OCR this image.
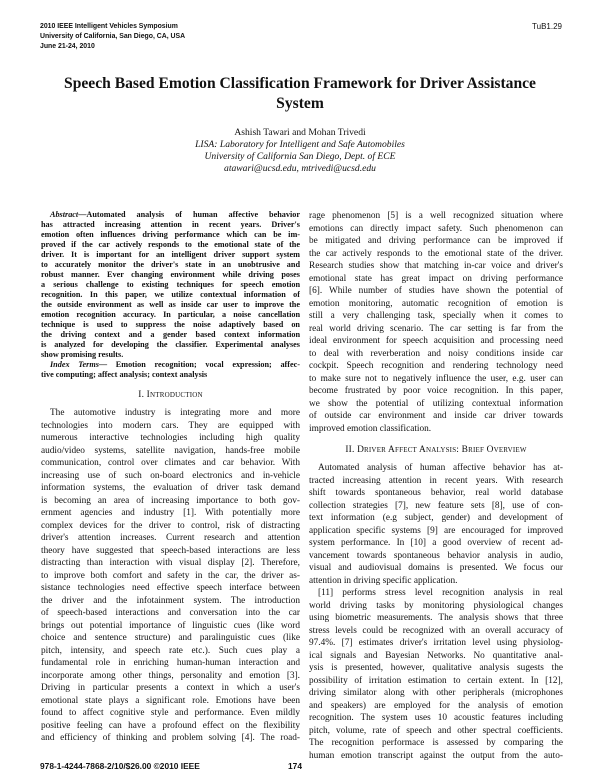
2010 IEEE Intelligent Vehicles Symposium
University of California, San Diego, CA, USA
June 21-24, 2010
TuB1.29
Speech Based Emotion Classification Framework for Driver Assistance
System
Ashish Tawari and Mohan Trivedi
LISA: Laboratory for Intelligent and Safe Automobiles
University of California San Diego, Dept. of ECE
atawari@ucsd.edu, mtrivedi@ucsd.edu
Abstract—Automated analysis of human affective behavior
has attracted increasing attention in recent years. Driver's
emotion often influences driving performance which can be im-
proved if the car actively responds to the emotional state of the
driver. It is important for an intelligent driver support system
to accurately monitor the driver's state in an unobtrusive and
robust manner. Ever changing environment while driving poses
a serious challenge to existing techniques for speech emotion
recognition. In this paper, we utilize contextual information of
the outside environment as well as inside car user to improve the
emotion recognition accuracy. In particular, a noise cancellation
technique is used to suppress the noise adaptively based on
the driving context and a gender based context information
is analyzed for developing the classifier. Experimental analyses
show promising results.
Index Terms— Emotion recognition; vocal expression; affec-
tive computing; affect analysis; context analysis
I. Introduction
The automotive industry is integrating more and more
technologies into modern cars. They are equipped with
numerous interactive technologies including high quality
audio/video systems, satellite navigation, hands-free mobile
communication, control over climates and car behavior. With
increasing use of such on-board electronics and in-vehicle
information systems, the evaluation of driver task demand
is becoming an area of increasing importance to both gov-
ernment agencies and industry [1]. With potentially more
complex devices for the driver to control, risk of distracting
driver's attention increases. Current research and attention
theory have suggested that speech-based interactions are less
distracting than interaction with visual display [2]. Therefore,
to improve both comfort and safety in the car, the driver as-
sistance technologies need effective speech interface between
the driver and the infotainment system. The introduction
of speech-based interactions and conversation into the car
brings out potential importance of linguistic cues (like word
choice and sentence structure) and paralinguistic cues (like
pitch, intensity, and speech rate etc.). Such cues play a
fundamental role in enriching human-human interaction and
incorporate among other things, personality and emotion [3].
Driving in particular presents a context in which a user's
emotional state plays a significant role. Emotions have been
found to affect cognitive style and performance. Even mildly
positive feeling can have a profound effect on the flexibility
and efficiency of thinking and problem solving [4]. The road-
rage phenomenon [5] is a well recognized situation where
emotions can directly impact safety. Such phenomenon can
be mitigated and driving performance can be improved if
the car actively responds to the emotional state of the driver.
Research studies show that matching in-car voice and driver's
emotional state has great impact on driving performance
[6]. While number of studies have shown the potential of
emotion monitoring, automatic recognition of emotion is
still a very challenging task, specially when it comes to
real world driving scenario. The car setting is far from the
ideal environment for speech acquisition and processing need
to deal with reverberation and noisy conditions inside car
cockpit. Speech recognition and rendering technology need
to make sure not to negatively influence the user, e.g. user can
become frustrated by poor voice recognition. In this paper,
we show the potential of utilizing contextual information
of outside car environment and inside car driver towards
improved emotion classification.
II. Driver Affect Analysis: Brief Overview
Automated analysis of human affective behavior has at-
tracted increasing attention in recent years. With research
shift towards spontaneous behavior, real world database
collection strategies [7], new feature sets [8], use of con-
text information (e.g subject, gender) and development of
application specific systems [9] are encouraged for improved
system performance. In [10] a good overview of recent ad-
vancement towards spontaneous behavior analysis in audio,
visual and audiovisual domains is presented. We focus our
attention in driving specific application.
[11] performs stress level recognition analysis in real
world driving tasks by monitoring physiological changes
using biometric measurements. The analysis shows that three
stress levels could be recognized with an overall accuracy of
97.4%. [7] estimates driver's irritation level using physiolog-
ical signals and Bayesian Networks. No quantitative anal-
ysis is presented, however, qualitative analysis sugests the
possibility of irritation estimation to certain extent. In [12],
driving similator along with other peripherals (microphones
and speakers) are employed for the analysis of emotion
recognition. The system uses 10 acoustic features including
pitch, volume, rate of speech and other spectral coefficients.
The recognition performace is assessed by comparing the
human emotion transcript against the output from the auto-
978-1-4244-7868-2/10/$26.00 ©2010 IEEE	174
